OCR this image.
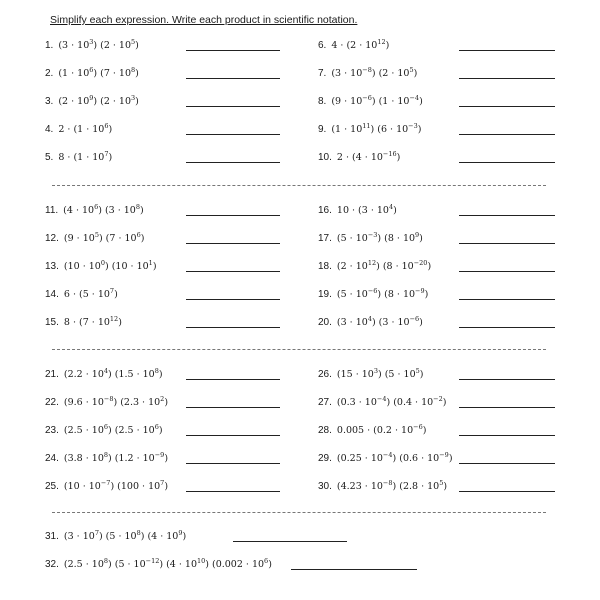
Simplify each expression. Write each product in scientific notation.
1. $(3 \cdot 10^3)$ $(2 \cdot 10^5)$
2. $(1 \cdot 10^6)$ $(7 \cdot 10^8)$
3. $(2 \cdot 10^9)$ $(2 \cdot 10^3)$
4. $2 \cdot (1 \cdot 10^6)$
5. $8 \cdot (1 \cdot 10^7)$
6. $4 \cdot (2 \cdot 10^{12})$
7. $(3 \cdot 10^{-8})$ $(2 \cdot 10^5)$
8. $(9 \cdot 10^{-6})$ $(1 \cdot 10^{-4})$
9. $(1 \cdot 10^{11})$ $(6 \cdot 10^{-3})$
10. $2 \cdot (4 \cdot 10^{-16})$
11. $(4 \cdot 10^6)$ $(3 \cdot 10^8)$
12. $(9 \cdot 10^5)$ $(7 \cdot 10^6)$
13. $(10 \cdot 10^0)$ $(10 \cdot 10^1)$
14. $6 \cdot (5 \cdot 10^7)$
15. $8 \cdot (7 \cdot 10^{12})$
16. $10 \cdot (3 \cdot 10^4)$
17. $(5 \cdot 10^{-3})$ $(8 \cdot 10^9)$
18. $(2 \cdot 10^{12})$ $(8 \cdot 10^{-20})$
19. $(5 \cdot 10^{-6})$ $(8 \cdot 10^{-9})$
20. $(3 \cdot 10^4)$ $(3 \cdot 10^{-6})$
21. $(2.2 \cdot 10^4)$ $(1.5 \cdot 10^8)$
22. $(9.6 \cdot 10^{-8})$ $(2.3 \cdot 10^2)$
23. $(2.5 \cdot 10^6)$ $(2.5 \cdot 10^6)$
24. $(3.8 \cdot 10^8)$ $(1.2 \cdot 10^{-9})$
25. $(10 \cdot 10^{-7})$ $(100 \cdot 10^7)$
26. $(15 \cdot 10^3)$ $(5 \cdot 10^5)$
27. $(0.3 \cdot 10^{-4})$ $(0.4 \cdot 10^{-2})$
28. $0.005 \cdot (0.2 \cdot 10^{-6})$
29. $(0.25 \cdot 10^{-4})$ $(0.6 \cdot 10^{-9})$
30. $(4.23 \cdot 10^{-8})$ $(2.8 \cdot 10^5)$
31. $(3 \cdot 10^7)$ $(5 \cdot 10^8)$ $(4 \cdot 10^9)$
32. $(2.5 \cdot 10^8)$ $(5 \cdot 10^{-12})$ $(4 \cdot 10^{10})$ $(0.002 \cdot 10^6)$
